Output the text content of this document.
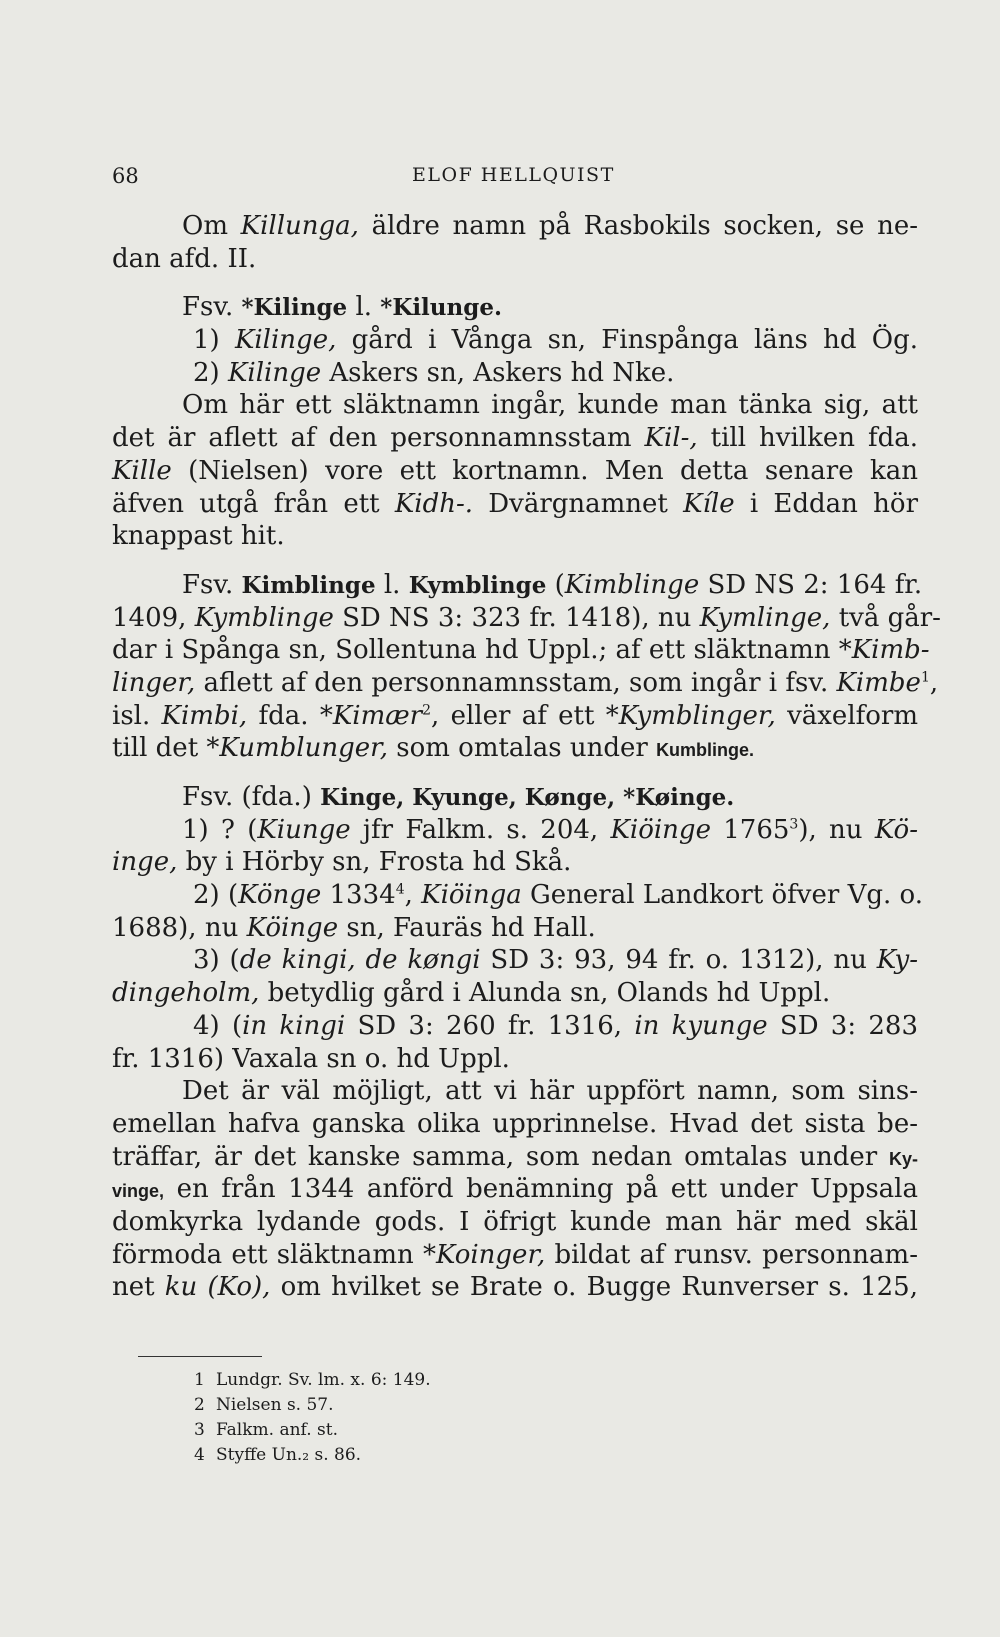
68	ELOF HELLQUIST
Om Killunga, äldre namn på Rasbokils socken, se ne-
dan afd. II.
Fsv. *Kilinge l. *Kilunge.
1) Kilinge, gård i Vånga sn, Finspånga läns hd Ög.
2) Kilinge Askers sn, Askers hd Nke.
Om här ett släktnamn ingår, kunde man tänka sig, att
det är aflett af den personnamnsstam Kil-, till hvilken fda.
Kille (Nielsen) vore ett kortnamn. Men detta senare kan
äfven utgå från ett Kidh-. Dvärgnamnet Kíle i Eddan hör
knappast hit.
Fsv. Kimblinge l. Kymblinge (Kimblinge SD NS 2: 164 fr.
1409, Kymblinge SD NS 3: 323 fr. 1418), nu Kymlinge, två går-
dar i Spånga sn, Sollentuna hd Uppl.; af ett släktnamn *Kimb-
linger, aflett af den personnamnsstam, som ingår i fsv. Kimbe$^1$,
isl. Kimbi, fda. *Kimær$^2$, eller af ett *Kymblinger, växelform
till det *Kumblunger, som omtalas under Kumblinge.
Fsv. (fda.) Kinge, Kyunge, Kønge, *Køinge.
1) ? (Kiunge jfr Falkm. s. 204, Kiöinge 1765$^3$), nu Kö-
inge, by i Hörby sn, Frosta hd Skå.
2) (Könge 1334$^4$, Kiöinga General Landkort öfver Vg. o.
1688), nu Köinge sn, Fauräs hd Hall.
3) (de kingi, de køngi SD 3: 93, 94 fr. o. 1312), nu Ky-
dingeholm, betydlig gård i Alunda sn, Olands hd Uppl.
4) (in kingi SD 3: 260 fr. 1316, in kyunge SD 3: 283
fr. 1316) Vaxala sn o. hd Uppl.
Det är väl möjligt, att vi här uppfört namn, som sins-
emellan hafva ganska olika upprinnelse. Hvad det sista be-
träffar, är det kanske samma, som nedan omtalas under Ky-
vinge, en från 1344 anförd benämning på ett under Uppsala
domkyrka lydande gods. I öfrigt kunde man här med skäl
förmoda ett släktnamn *Koinger, bildat af runsv. personnam-
net ku (Ko), om hvilket se Brate o. Bugge Runverser s. 125,
1 Lundgr. Sv. lm. x. 6: 149.
2 Nielsen s. 57.
3 Falkm. anf. st.
4 Styffe Un.₂ s. 86.
